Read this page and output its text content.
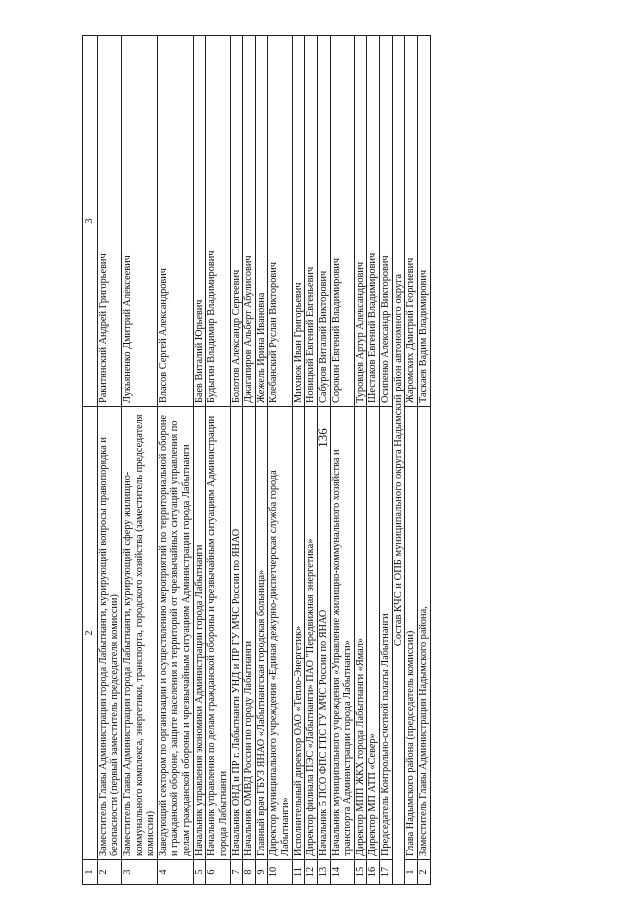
136
1	2	3
2	Заместитель Главы Администрации города Лабытнанги, курирующий вопросы правопорядка и безопасности (первый заместитель председателя комиссии)	Ракитянский Андрей Григорьевич
3	Заместитель Главы Администрации города Лабытнанги, курирующий сферу жилищно-коммунального комплекса, энергетики, транспорта, городского хозяйства (заместитель председателя комиссии)	Лукьяненко Дмитрий Алексеевич
4	Заведующий сектором по организации и осуществлению мероприятий по территориальной обороне и гражданской обороне, защите населения и территорий от чрезвычайных ситуаций управления по делам гражданской обороны и чрезвычайным ситуациям Администрации города Лабытнанги	Власов Сергей Александрович
5	Начальник управления экономики Администрации города Лабытнанги	Баев Виталий Юрьевич
6	Начальник управления по делам гражданской обороны и чрезвычайным ситуациям Администрации города Лабытнанги	Будыгин Владимир Владимирович
7	Начальник ОНД и ПР г. Лабытнанги УНД и ПР ГУ МЧС России по ЯНАО	Болотов Александр Сергеевич
8	Начальник ОМВД России по городу Лабытнанги	Джагапиров Альберт Абулисович
9	Главный врач ГБУЗ ЯНАО «Лабытнангская городская больница»	Жежель Ирина Ивановна
10	Директор муниципального учреждения «Единая дежурно-диспетчерская служба города Лабытнанги»	Клебанский Руслан Викторович
11	Исполнительный директор ОАО «Тепло-Энергетик»	Михнюк Иван Григорьевич
12	Директор филиала ПЭС «Лабытнанги» ПАО "Передвижная энергетика»	Новицкий Евгений Евгеньевич
13	Начальник 5 ПСО ФПС ГПС ГУ МЧС России по ЯНАО	Сабуров Виталий Викторович
14	Начальник муниципального учреждения «Управление жилищно-коммунального хозяйства и транспорта Администрации города Лабытнанги»	Сорокин Евгений Владимирович
15	Директор МПП ЖКХ города Лабытнанги «Ямал»	Туровцев Артур Александрович
16	Директор МП АТП «Север»	Шестаков Евгений Владимирович
17	Председатель Контрольно-счетной палаты Лабытнанги	Осипенко Александр Викторович
Состав КЧС и ОПБ муниципального округа Надымский район автономного округа		
1	Глава Надымского района (председатель комиссии)	Жаромских Дмитрий Георгиевич
2	Заместитель Главы Администрации Надымского района,	Таскаев Вадим Владимирович
